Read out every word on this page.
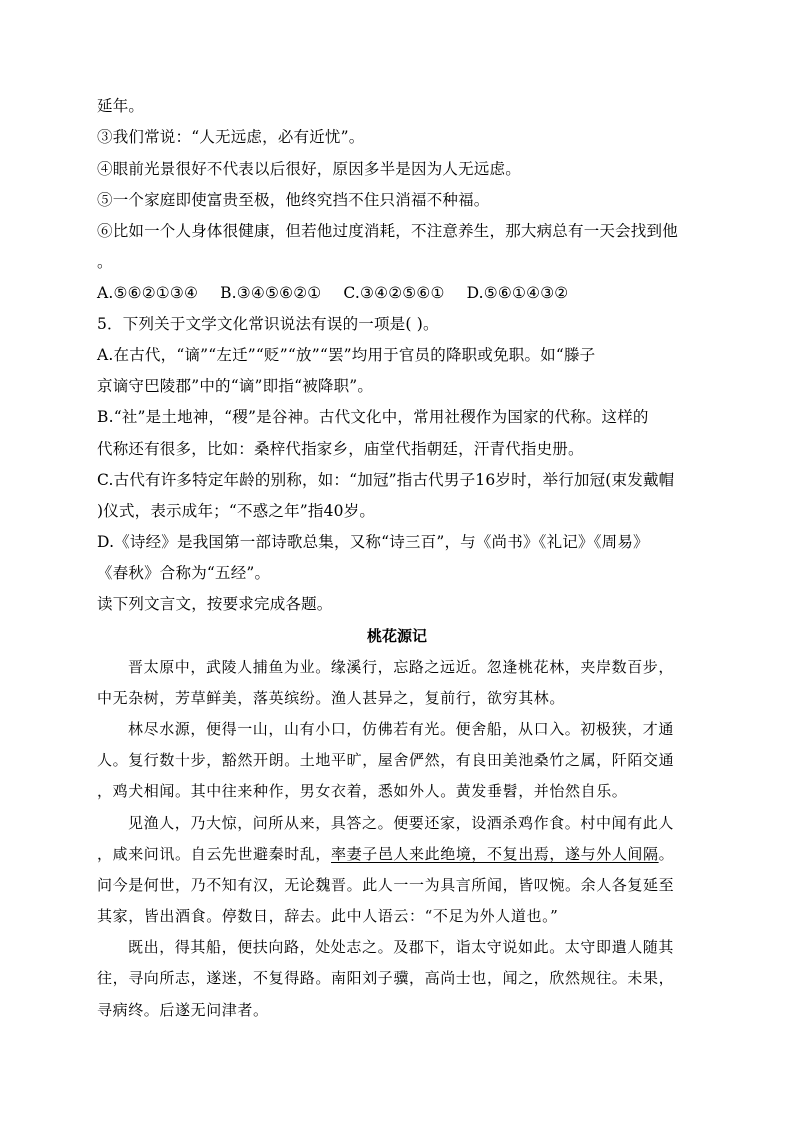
延年。
③我们常说：“人无远虑，必有近忧”。
④眼前光景很好不代表以后很好，原因多半是因为人无远虑。
⑤一个家庭即使富贵至极，他终究挡不住只消福不种福。
⑥比如一个人身体很健康，但若他过度消耗，不注意养生，那大病总有一天会找到他
。
A.⑤⑥②①③④ B.③④⑤⑥②① C.③④②⑤⑥① D.⑤⑥①④③②
5．下列关于文学文化常识说法有误的一项是( )。
A.在古代，“谪”“左迁”“贬”“放”“罢”均用于官员的降职或免职。如“滕子
京谪守巴陵郡”中的“谪”即指“被降职”。
B.“社”是土地神，“稷”是谷神。古代文化中，常用社稷作为国家的代称。这样的
代称还有很多，比如：桑梓代指家乡，庙堂代指朝廷，汗青代指史册。
C.古代有许多特定年龄的别称，如：“加冠”指古代男子16岁时，举行加冠(束发戴帽
)仪式，表示成年；“不惑之年”指40岁。
D.《诗经》是我国第一部诗歌总集，又称“诗三百”，与《尚书》《礼记》《周易》
《春秋》合称为“五经”。
读下列文言文，按要求完成各题。
桃花源记
晋太原中，武陵人捕鱼为业。缘溪行，忘路之远近。忽逢桃花林，夹岸数百步，
中无杂树，芳草鲜美，落英缤纷。渔人甚异之，复前行，欲穷其林。
林尽水源，便得一山，山有小口，仿佛若有光。便舍船，从口入。初极狭，才通
人。复行数十步，豁然开朗。土地平旷，屋舍俨然，有良田美池桑竹之属，阡陌交通
，鸡犬相闻。其中往来种作，男女衣着，悉如外人。黄发垂髫，并怡然自乐。
见渔人，乃大惊，问所从来，具答之。便要还家，设酒杀鸡作食。村中闻有此人
，咸来问讯。自云先世避秦时乱，率妻子邑人来此绝境，不复出焉，遂与外人间隔。
问今是何世，乃不知有汉，无论魏晋。此人一一为具言所闻，皆叹惋。余人各复延至
其家，皆出酒食。停数日，辞去。此中人语云：“不足为外人道也。”
既出，得其船，便扶向路，处处志之。及郡下，诣太守说如此。太守即遣人随其
往，寻向所志，遂迷，不复得路。南阳刘子骥，高尚士也，闻之，欣然规往。未果，
寻病终。后遂无问津者。
